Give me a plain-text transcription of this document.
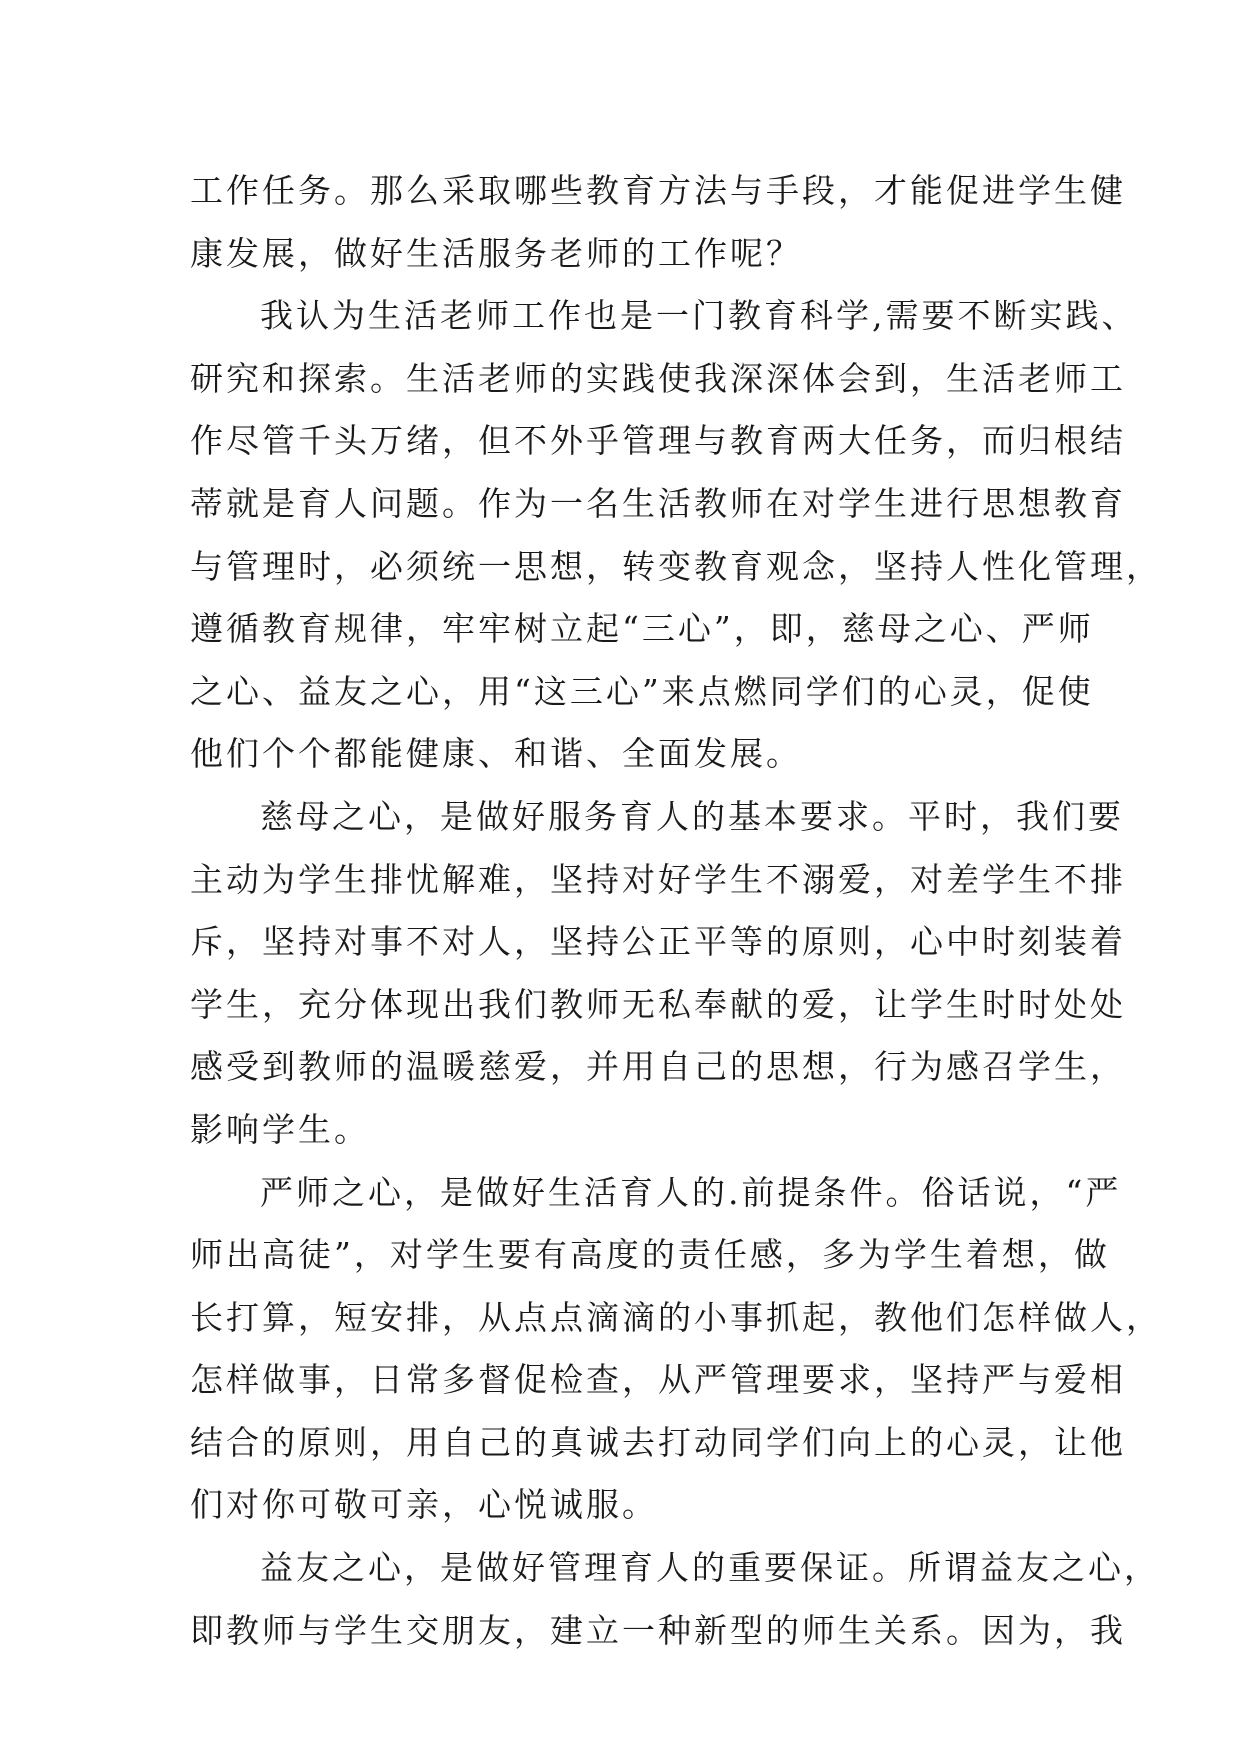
工作任务。那么采取哪些教育方法与手段，才能促进学生健
康发展，做好生活服务老师的工作呢？
我认为生活老师工作也是一门教育科学,需要不断实践、
研究和探索。生活老师的实践使我深深体会到，生活老师工
作尽管千头万绪，但不外乎管理与教育两大任务，而归根结
蒂就是育人问题。作为一名生活教师在对学生进行思想教育
与管理时，必须统一思想，转变教育观念，坚持人性化管理，
遵循教育规律，牢牢树立起“三心”，即，慈母之心、严师
之心、益友之心，用“这三心”来点燃同学们的心灵，促使
他们个个都能健康、和谐、全面发展。
慈母之心，是做好服务育人的基本要求。平时，我们要
主动为学生排忧解难，坚持对好学生不溺爱，对差学生不排
斥，坚持对事不对人，坚持公正平等的原则，心中时刻装着
学生，充分体现出我们教师无私奉献的爱，让学生时时处处
感受到教师的温暖慈爱，并用自己的思想，行为感召学生，
影响学生。
严师之心，是做好生活育人的.前提条件。俗话说，“严
师出高徒”，对学生要有高度的责任感，多为学生着想，做
长打算，短安排，从点点滴滴的小事抓起，教他们怎样做人，
怎样做事，日常多督促检查，从严管理要求，坚持严与爱相
结合的原则，用自己的真诚去打动同学们向上的心灵，让他
们对你可敬可亲，心悦诚服。
益友之心，是做好管理育人的重要保证。所谓益友之心，
即教师与学生交朋友，建立一种新型的师生关系。因为，我
